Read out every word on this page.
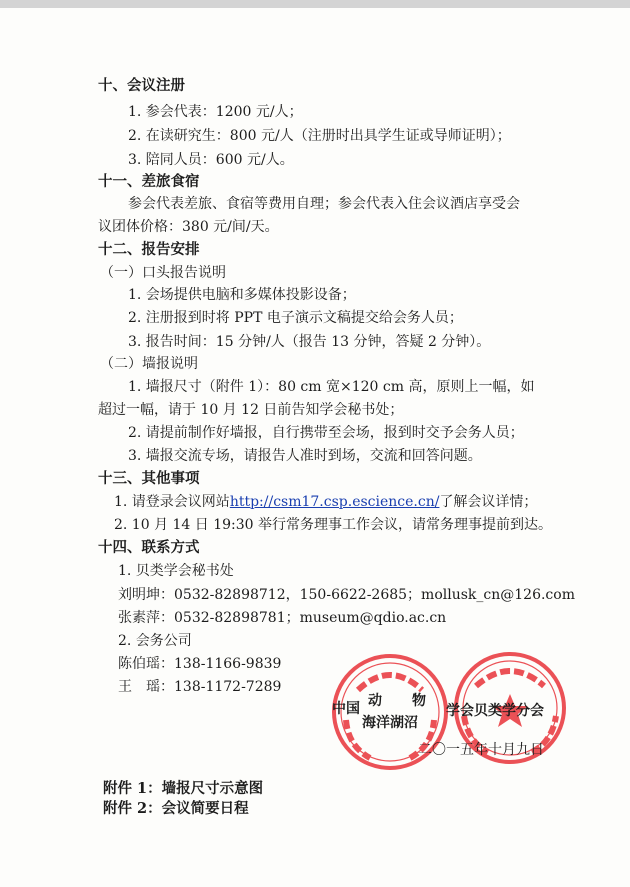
十、会议注册
1. 参会代表：1200 元/人；
2. 在读研究生：800 元/人（注册时出具学生证或导师证明）；
3. 陪同人员：600 元/人。
十一、差旅食宿
参会代表差旅、食宿等费用自理；参会代表入住会议酒店享受会
议团体价格：380 元/间/天。
十二、报告安排
（一）口头报告说明
1. 会场提供电脑和多媒体投影设备；
2. 注册报到时将 PPT 电子演示文稿提交给会务人员；
3. 报告时间：15 分钟/人（报告 13 分钟，答疑 2 分钟）。
（二）墙报说明
1. 墙报尺寸（附件 1）：80 cm 宽×120 cm 高，原则上一幅，如
超过一幅，请于 10 月 12 日前告知学会秘书处；
2. 请提前制作好墙报，自行携带至会场，报到时交予会务人员；
3. 墙报交流专场，请报告人准时到场，交流和回答问题。
十三、其他事项
1. 请登录会议网站http://csm17.csp.escience.cn/了解会议详情；
2. 10 月 14 日 19:30 举行常务理事工作会议，请常务理事提前到达。
十四、联系方式
1. 贝类学会秘书处
刘明坤：0532-82898712，150-6622-2685；mollusk_cn@126.com
张素萍：0532-82898781；museum@qdio.ac.cn
2. 会务公司
陈伯瑶：138-1166-9839
王　瑶：138-1172-7289
中国 动 物
海洋湖沼
学会贝类学分会
二〇一五年十月九日
附件 1：墙报尺寸示意图
附件 2：会议简要日程
